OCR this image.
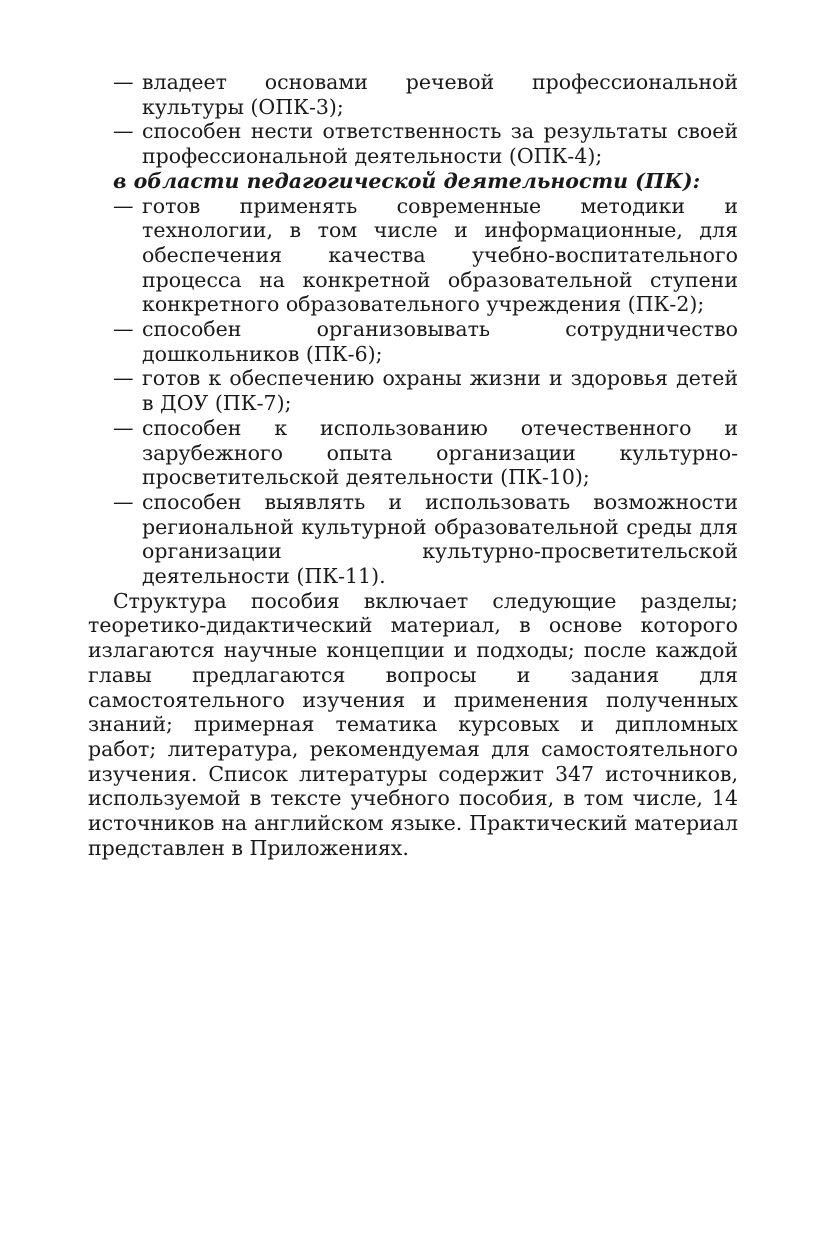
— владеет основами речевой профессиональной культуры (ОПК-3);
— способен нести ответственность за результаты своей профессиональной деятельности (ОПК-4);
в области педагогической деятельности (ПК):
— готов применять современные методики и технологии, в том числе и информационные, для обеспечения качества учебно-воспитательного процесса на конкретной образовательной ступени конкретного образовательного учреждения (ПК-2);
— способен организовывать сотрудничество дошкольников (ПК-6);
— готов к обеспечению охраны жизни и здоровья детей в ДОУ (ПК-7);
— способен к использованию отечественного и зарубежного опыта организации культурно-просветительской деятельности (ПК-10);
— способен выявлять и использовать возможности региональной культурной образовательной среды для организации культурно-просветительской деятельности (ПК-11).
Структура пособия включает следующие разделы; теоретико-дидактический материал, в основе которого излагаются научные концепции и подходы; после каждой главы предлагаются вопросы и задания для самостоятельного изучения и применения полученных знаний; примерная тематика курсовых и дипломных работ; литература, рекомендуемая для самостоятельного изучения. Список литературы содержит 347 источников, используемой в тексте учебного пособия, в том числе, 14 источников на английском языке. Практический материал представлен в Приложениях.
